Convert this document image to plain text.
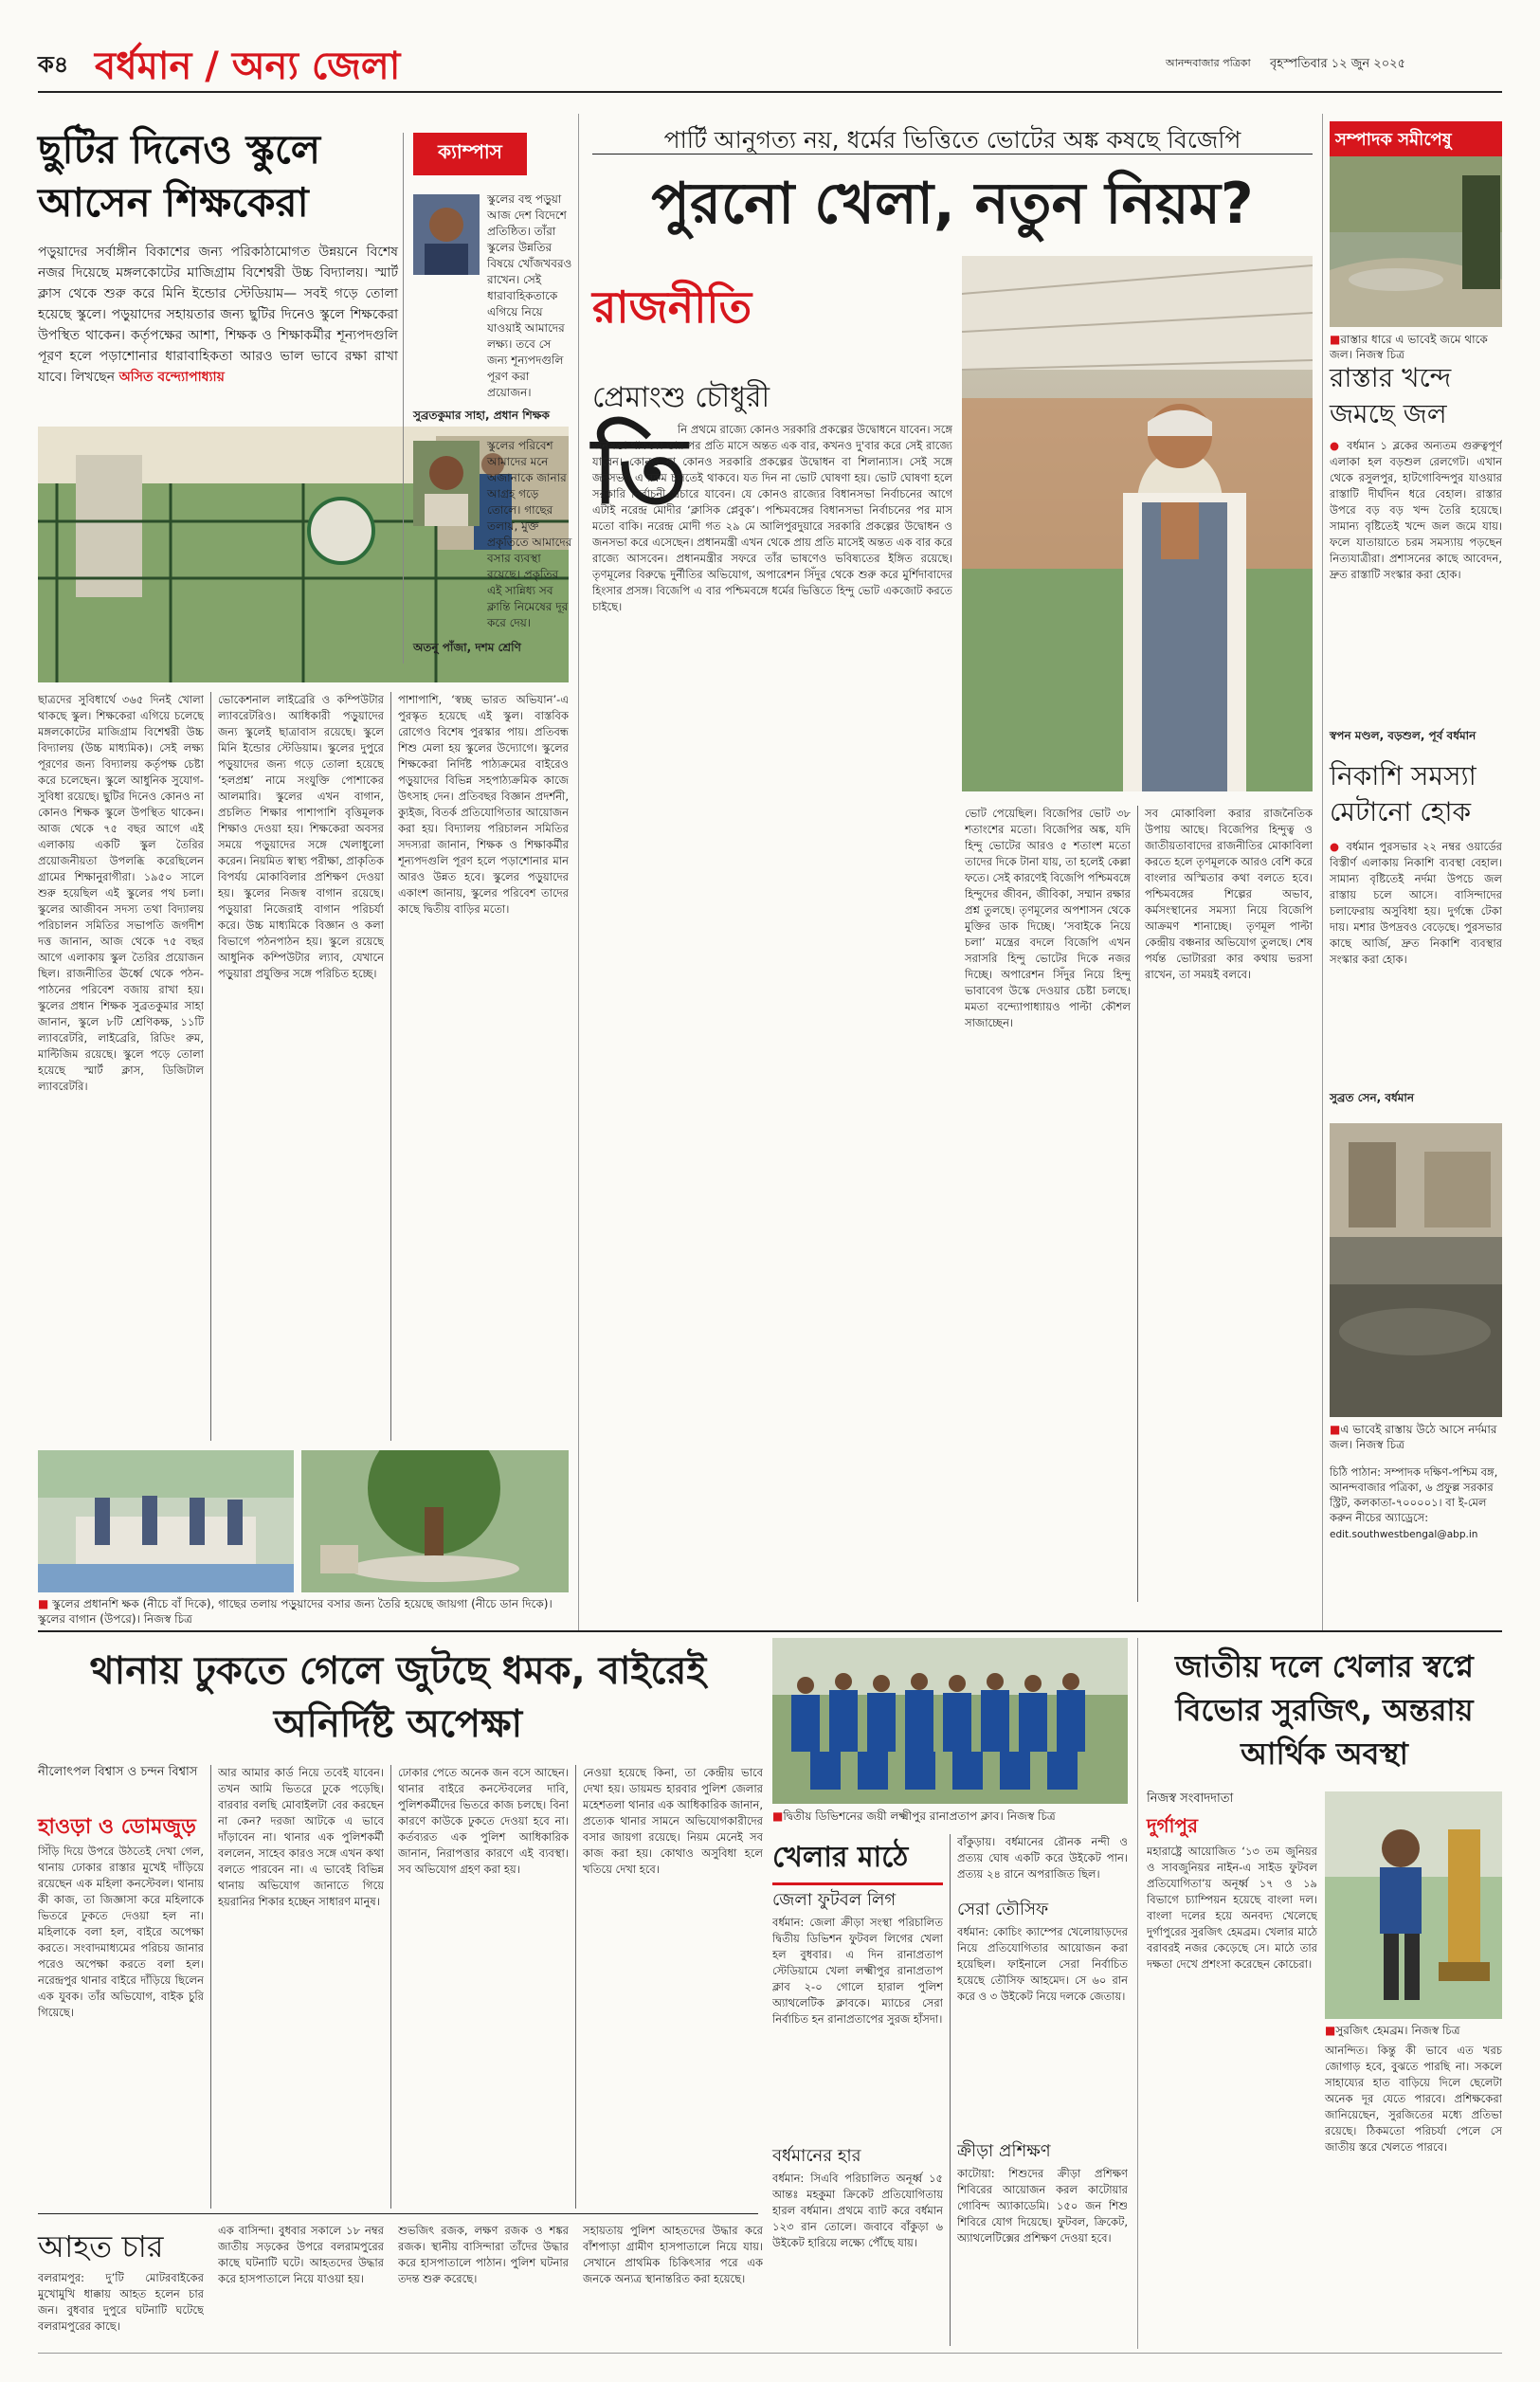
ক৪ বর্ধমান / অন্য জেলা	আনন্দবাজার পত্রিকা বৃহস্পতিবার ১২ জুন ২০২৫
ছুটির দিনেও স্কুলে আসেন শিক্ষকেরা
পড়ুয়াদের সর্বাঙ্গীন বিকাশের জন্য পরিকাঠামোগত উন্নয়নে বিশেষ নজর দিয়েছে মঙ্গলকোটের মাজিগ্রাম বিশেশ্বরী উচ্চ বিদ্যালয়। স্মার্ট ক্লাস থেকে শুরু করে মিনি ইন্ডোর স্টেডিয়াম— সবই গড়ে তোলা হয়েছে স্কুলে। পড়ুয়াদের সহায়তার জন্য ছুটির দিনেও স্কুলে শিক্ষকেরা উপস্থিত থাকেন। কর্তৃপক্ষের আশা, শিক্ষক ও শিক্ষাকর্মীর শূন্যপদগুলি পূরণ হলে পড়াশোনার ধারাবাহিকতা আরও ভাল ভাবে রক্ষা রাখা যাবে। লিখছেন অসিত বন্দ্যোপাধ্যায়
ক্যাম্পাস
স্কুলের বহু পড়ুয়া আজ দেশ বিদেশে প্রতিষ্ঠিত। তাঁরা স্কুলের উন্নতির বিষয়ে খোঁজখবরও রাখেন। সেই ধারাবাহিকতাকে এগিয়ে নিয়ে যাওয়াই আমাদের লক্ষ্য। তবে সে জন্য শূন্যপদগুলি পূরণ করা প্রয়োজন।
সুব্রতকুমার সাহা, প্রধান শিক্ষক
স্কুলের পরিবেশ আমাদের মনে অজানাকে জানার আগ্রহ গড়ে তোলে। গাছের তলায়, মুক্ত প্রকৃতিতে আমাদের বসার ব্যবস্থা রয়েছে। প্রকৃতির এই সান্নিধ্য সব ক্লান্তি নিমেষের দূর করে দেয়।
অতনু পাঁজা, দশম শ্রেণি
ছাত্রদের সুবিধার্থে ৩৬৫ দিনই খোলা থাকছে স্কুল। শিক্ষকেরা এগিয়ে চলেছে মঙ্গলকোটের মাজিগ্রাম বিশেশ্বরী উচ্চ বিদ্যালয় (উচ্চ মাধ্যমিক)। সেই লক্ষ্য পূরণের জন্য বিদ্যালয় কর্তৃপক্ষ চেষ্টা করে চলেছেন। স্কুলে আধুনিক সুযোগ-সুবিধা রয়েছে। ছুটির দিনেও কোনও না কোনও শিক্ষক স্কুলে উপস্থিত থাকেন। আজ থেকে ৭৫ বছর আগে এই এলাকায় একটি স্কুল তৈরির প্রয়োজনীয়তা উপলব্ধি করেছিলেন গ্রামের শিক্ষানুরাগীরা। ১৯৫০ সালে শুরু হয়েছিল এই স্কুলের পথ চলা। স্কুলের আজীবন সদস্য তথা বিদ্যালয় পরিচালন সমিতির সভাপতি জগদীশ দত্ত জানান, আজ থেকে ৭৫ বছর আগে এলাকায় স্কুল তৈরির প্রয়োজন ছিল। রাজনীতির ঊর্ধ্বে থেকে পঠন-পাঠনের পরিবেশ বজায় রাখা হয়। স্কুলের প্রধান শিক্ষক সুব্রতকুমার সাহা জানান, স্কুলে ৮টি শ্রেণিকক্ষ, ১১টি ল্যাবরেটরি, লাইব্রেরি, রিডিং রুম, মাল্টিজিম রয়েছে। স্কুলে পড়ে তোলা হয়েছে স্মার্ট ক্লাস, ডিজিটাল ল্যাবরেটরি।
ভোকেশনাল লাইব্রেরি ও কম্পিউটার ল্যাবরেটরিও। আধিকারী পড়ুয়াদের জন্য স্কুলেই ছাত্রাবাস রয়েছে। স্কুলে মিনি ইন্ডোর স্টেডিয়াম। স্কুলের দুপুরে পড়ুয়াদের জন্য গড়ে তোলা হয়েছে ‘হলপ্রশ্ন’ নামে সংযুক্তি পোশাকের আলমারি। স্কুলের এখন বাগান, প্রচলিত শিক্ষার পাশাপাশি বৃত্তিমূলক শিক্ষাও দেওয়া হয়। শিক্ষকেরা অবসর সময়ে পড়ুয়াদের সঙ্গে খেলাধুলো করেন। নিয়মিত স্বাস্থ্য পরীক্ষা, প্রাকৃতিক বিপর্যয় মোকাবিলার প্রশিক্ষণ দেওয়া হয়। স্কুলের নিজস্ব বাগান রয়েছে। পড়ুয়ারা নিজেরাই বাগান পরিচর্যা করে। উচ্চ মাধ্যমিকে বিজ্ঞান ও কলা বিভাগে পঠনপাঠন হয়। স্কুলে রয়েছে আধুনিক কম্পিউটার ল্যাব, যেখানে পড়ুয়ারা প্রযুক্তির সঙ্গে পরিচিত হচ্ছে।
পাশাপাশি, ‘স্বচ্ছ ভারত অভিযান’-এ পুরস্কৃত হয়েছে এই স্কুল। বাস্তবিক রোগেও বিশেষ পুরস্কার পায়। প্রতিবন্ধ শিশু মেলা হয় স্কুলের উদ্যোগে। স্কুলের শিক্ষকেরা নির্দিষ্ট পাঠ্যক্রমের বাইরেও পড়ুয়াদের বিভিন্ন সহপাঠ্যক্রমিক কাজে উৎসাহ দেন। প্রতিবছর বিজ্ঞান প্রদর্শনী, ক্যুইজ, বিতর্ক প্রতিযোগিতার আয়োজন করা হয়। বিদ্যালয় পরিচালন সমিতির সদস্যরা জানান, শিক্ষক ও শিক্ষাকর্মীর শূন্যপদগুলি পূরণ হলে পড়াশোনার মান আরও উন্নত হবে। স্কুলের পড়ুয়াদের একাংশ জানায়, স্কুলের পরিবেশ তাদের কাছে দ্বিতীয় বাড়ির মতো।
■ স্কুলের প্রধানশি ক্ষক (নীচে বাঁ দিকে), গাছের তলায় পড়ুয়াদের বসার জন্য তৈরি হয়েছে জায়গা (নীচে ডান দিকে)। স্কুলের বাগান (উপরে)। নিজস্ব চিত্র
পার্টি আনুগত্য নয়, ধর্মের ভিত্তিতে ভোটের অঙ্ক কষছে বিজেপি
পুরনো খেলা, নতুন নিয়ম?
রাজনীতি
প্রেমাংশু চৌধুরী
তি
নি প্রথমে রাজ্যে কোনও সরকারি প্রকল্পের উদ্বোধনে যাবেন। সঙ্গে জনসভা থাকবে। তার পর প্রতি মাসে অন্তত এক বার, কখনও দু'বার করে সেই রাজ্যে যাবেন। কোনও না কোনও সরকারি প্রকল্পের উদ্বোধন বা শিলান্যাস। সেই সঙ্গে জনসভা। এ রকম চলতেই থাকবে। যত দিন না ভোট ঘোষণা হয়। ভোট ঘোষণা হলে সরকারি নির্বাচনী প্রচারে যাবেন। যে কোনও রাজ্যের বিধানসভা নির্বাচনের আগে এটাই নরেন্দ্র মোদীর ‘ক্লাসিক প্লেবুক’। পশ্চিমবঙ্গের বিধানসভা নির্বাচনের পর মাস মতো বাকি। নরেন্দ্র মোদী গত ২৯ মে আলিপুরদুয়ারে সরকারি প্রকল্পের উদ্বোধন ও জনসভা করে এসেছেন। প্রধানমন্ত্রী এখন থেকে প্রায় প্রতি মাসেই অন্তত এক বার করে রাজ্যে আসবেন। প্রধানমন্ত্রীর সফরে তাঁর ভাষণেও ভবিষ্যতের ইঙ্গিত রয়েছে। তৃণমূলের বিরুদ্ধে দুর্নীতির অভিযোগ, অপারেশন সিঁদুর থেকে শুরু করে মুর্শিদাবাদের হিংসার প্রসঙ্গ। বিজেপি এ বার পশ্চিমবঙ্গে ধর্মের ভিত্তিতে হিন্দু ভোট একজোট করতে চাইছে।
ভোট পেয়েছিল। বিজেপির ভোট ৩৮ শতাংশের মতো। বিজেপির অঙ্ক, যদি হিন্দু ভোটের আরও ৫ শতাংশ মতো তাদের দিকে টানা যায়, তা হলেই কেল্লা ফতে। সেই কারণেই বিজেপি পশ্চিমবঙ্গে হিন্দুদের জীবন, জীবিকা, সম্মান রক্ষার প্রশ্ন তুলছে। তৃণমূলের অপশাসন থেকে মুক্তির ডাক দিচ্ছে। ‘সবাইকে নিয়ে চলা’ মন্ত্রের বদলে বিজেপি এখন সরাসরি হিন্দু ভোটের দিকে নজর দিচ্ছে। অপারেশন সিঁদুর নিয়ে হিন্দু ভাবাবেগ উস্কে দেওয়ার চেষ্টা চলছে। মমতা বন্দ্যোপাধ্যায়ও পাল্টা কৌশল সাজাচ্ছেন।
সব মোকাবিলা করার রাজনৈতিক উপায় আছে। বিজেপির হিন্দুত্ব ও জাতীয়তাবাদের রাজনীতির মোকাবিলা করতে হলে তৃণমূলকে আরও বেশি করে বাংলার অস্মিতার কথা বলতে হবে। পশ্চিমবঙ্গের শিল্পের অভাব, কর্মসংস্থানের সমস্যা নিয়ে বিজেপি আক্রমণ শানাচ্ছে। তৃণমূল পাল্টা কেন্দ্রীয় বঞ্চনার অভিযোগ তুলছে। শেষ পর্যন্ত ভোটাররা কার কথায় ভরসা রাখেন, তা সময়ই বলবে।
সম্পাদক সমীপেষু
■রাস্তার ধারে এ ভাবেই জমে থাকে জল। নিজস্ব চিত্র
রাস্তার খন্দে জমছে জল
● বর্ধমান ১ ব্লকের অন্যতম গুরুত্বপূর্ণ এলাকা হল বড়শুল রেলগেট। এখান থেকে রসুলপুর, হাটগোবিন্দপুর যাওয়ার রাস্তাটি দীর্ঘদিন ধরে বেহাল। রাস্তার উপরে বড় বড় খন্দ তৈরি হয়েছে। সামান্য বৃষ্টিতেই খন্দে জল জমে যায়। ফলে যাতায়াতে চরম সমস্যায় পড়ছেন নিত্যযাত্রীরা। প্রশাসনের কাছে আবেদন, দ্রুত রাস্তাটি সংস্কার করা হোক।
স্বপন মণ্ডল, বড়শুল, পূর্ব বর্ধমান
নিকাশি সমস্যা মেটানো হোক
● বর্ধমান পুরসভার ২২ নম্বর ওয়ার্ডের বিস্তীর্ণ এলাকায় নিকাশি ব্যবস্থা বেহাল। সামান্য বৃষ্টিতেই নর্দমা উপচে জল রাস্তায় চলে আসে। বাসিন্দাদের চলাফেরায় অসুবিধা হয়। দুর্গন্ধে টেকা দায়। মশার উপদ্রবও বেড়েছে। পুরসভার কাছে আর্জি, দ্রুত নিকাশি ব্যবস্থার সংস্কার করা হোক।
সুব্রত সেন, বর্ধমান
■এ ভাবেই রাস্তায় উঠে আসে নর্দমার জল। নিজস্ব চিত্র
চিঠি পাঠান: সম্পাদক দক্ষিণ-পশ্চিম বঙ্গ, আনন্দবাজার পত্রিকা, ৬ প্রফুল্ল সরকার স্ট্রিট, কলকাতা-৭০০০০১। বা ই-মেল করুন নীচের অ্যাড্রেসে:
edit.southwestbengal@abp.in
থানায় ঢুকতে গেলে জুটছে ধমক, বাইরেই অনির্দিষ্ট অপেক্ষা
নীলোৎপল বিশ্বাস ও চন্দন বিশ্বাস
হাওড়া ও ডোমজুড়
সিঁড়ি দিয়ে উপরে উঠতেই দেখা গেল, থানায় ঢোকার রাস্তার মুখেই দাঁড়িয়ে রয়েছেন এক মহিলা কনস্টেবল। থানায় কী কাজ, তা জিজ্ঞাসা করে মহিলাকে ভিতরে ঢুকতে দেওয়া হল না। মহিলাকে বলা হল, বাইরে অপেক্ষা করতে। সংবাদমাধ্যমের পরিচয় জানার পরেও অপেক্ষা করতে বলা হল। নরেন্দ্রপুর থানার বাইরে দাঁড়িয়ে ছিলেন এক যুবক। তাঁর অভিযোগ, বাইক চুরি গিয়েছে।
আর আমার কার্ড নিয়ে তবেই যাবেন। তখন আমি ভিতরে ঢুকে পড়েছি। বারবার বলছি মোবাইলটা বের করছেন না কেন? দরজা আটকে এ ভাবে দাঁড়াবেন না। থানার এক পুলিশকর্মী বললেন, সাহেব কারও সঙ্গে এখন কথা বলতে পারবেন না। এ ভাবেই বিভিন্ন থানায় অভিযোগ জানাতে গিয়ে হয়রানির শিকার হচ্ছেন সাধারণ মানুষ।
ঢোকার পেতে অনেক জন বসে আছেন। থানার বাইরে কনস্টেবলের দাবি, পুলিশকর্মীদের ভিতরে কাজ চলছে। বিনা কারণে কাউকে ঢুকতে দেওয়া হবে না। কর্তব্যরত এক পুলিশ আধিকারিক জানান, নিরাপত্তার কারণে এই ব্যবস্থা। সব অভিযোগ গ্রহণ করা হয়।
নেওয়া হয়েছে কিনা, তা কেন্দ্রীয় ভাবে দেখা হয়। ডায়মন্ড হারবার পুলিশ জেলার মহেশতলা থানার এক আধিকারিক জানান, প্রত্যেক থানার সামনে অভিযোগকারীদের বসার জায়গা রয়েছে। নিয়ম মেনেই সব কাজ করা হয়। কোথাও অসুবিধা হলে খতিয়ে দেখা হবে।
■দ্বিতীয় ডিভিশনের জয়ী লক্ষ্মীপুর রানাপ্রতাপ ক্লাব। নিজস্ব চিত্র
খেলার মাঠে
জেলা ফুটবল লিগ
বর্ধমান: জেলা ক্রীড়া সংস্থা পরিচালিত দ্বিতীয় ডিভিশন ফুটবল লিগের খেলা হল বুধবার। এ দিন রানাপ্রতাপ স্টেডিয়ামে খেলা লক্ষ্মীপুর রানাপ্রতাপ ক্লাব ২-০ গোলে হারাল পুলিশ অ্যাথলেটিক ক্লাবকে। ম্যাচের সেরা নির্বাচিত হন রানাপ্রতাপের সুরজ হাঁসদা।
বর্ধমানের হার
বর্ধমান: সিএবি পরিচালিত অনূর্ধ্ব ১৫ আন্তঃ মহকুমা ক্রিকেট প্রতিযোগিতায় হারল বর্ধমান। প্রথমে ব্যাট করে বর্ধমান ১২৩ রান তোলে। জবাবে বাঁকুড়া ৬ উইকেট হারিয়ে লক্ষ্যে পৌঁছে যায়।
বাঁকুড়ায়। বর্ধমানের রৌনক নন্দী ও প্রত্যয় ঘোষ একটি করে উইকেট পান। প্রত্যয় ২৪ রানে অপরাজিত ছিল।
সেরা তৌসিফ
বর্ধমান: কোচিং ক্যাম্পের খেলোয়াড়দের নিয়ে প্রতিযোগিতার আয়োজন করা হয়েছিল। ফাইনালে সেরা নির্বাচিত হয়েছে তৌসিফ আহমেদ। সে ৬০ রান করে ও ৩ উইকেট নিয়ে দলকে জেতায়।
ক্রীড়া প্রশিক্ষণ
কাটোয়া: শিশুদের ক্রীড়া প্রশিক্ষণ শিবিরের আয়োজন করল কাটোয়ার গোবিন্দ অ্যাকাডেমি। ১৫০ জন শিশু শিবিরে যোগ দিয়েছে। ফুটবল, ক্রিকেট, অ্যাথলেটিক্সের প্রশিক্ষণ দেওয়া হবে।
জাতীয় দলে খেলার স্বপ্নে বিভোর সুরজিৎ, অন্তরায় আর্থিক অবস্থা
নিজস্ব সংবাদদাতা
দুর্গাপুর
মহারাষ্ট্রে আয়োজিত ‘১৩ তম জুনিয়র ও সাবজুনিয়র নাইন-এ সাইড ফুটবল প্রতিযোগিতা’য় অনূর্ধ্ব ১৭ ও ১৯ বিভাগে চ্যাম্পিয়ন হয়েছে বাংলা দল। বাংলা দলের হয়ে অনবদ্য খেলেছে দুর্গাপুরের সুরজিৎ হেমব্রম। খেলার মাঠে বরাবরই নজর কেড়েছে সে। মাঠে তার দক্ষতা দেখে প্রশংসা করেছেন কোচেরা।
■সুরজিৎ হেমব্রম। নিজস্ব চিত্র
আনন্দিত। কিন্তু কী ভাবে এত খরচ জোগাড় হবে, বুঝতে পারছি না। সকলে সাহায্যের হাত বাড়িয়ে দিলে ছেলেটা অনেক দূর যেতে পারবে। প্রশিক্ষকেরা জানিয়েছেন, সুরজিতের মধ্যে প্রতিভা রয়েছে। ঠিকমতো পরিচর্যা পেলে সে জাতীয় স্তরে খেলতে পারবে।
আহত চার
বলরামপুর: দু’টি মোটরবাইকের মুখোমুখি ধাক্কায় আহত হলেন চার জন। বুধবার দুপুরে ঘটনাটি ঘটেছে বলরামপুরের কাছে।
এক বাসিন্দা। বুধবার সকালে ১৮ নম্বর জাতীয় সড়কের উপরে বলরামপুরের কাছে ঘটনাটি ঘটে। আহতদের উদ্ধার করে হাসপাতালে নিয়ে যাওয়া হয়।
শুভজিৎ রজক, লক্ষণ রজক ও শঙ্কর রজক। স্থানীয় বাসিন্দারা তাঁদের উদ্ধার করে হাসপাতালে পাঠান। পুলিশ ঘটনার তদন্ত শুরু করেছে।
সহায়তায় পুলিশ আহতদের উদ্ধার করে বাঁশপাড়া গ্রামীণ হাসপাতালে নিয়ে যায়। সেখানে প্রাথমিক চিকিৎসার পরে এক জনকে অন্যত্র স্থানান্তরিত করা হয়েছে।
